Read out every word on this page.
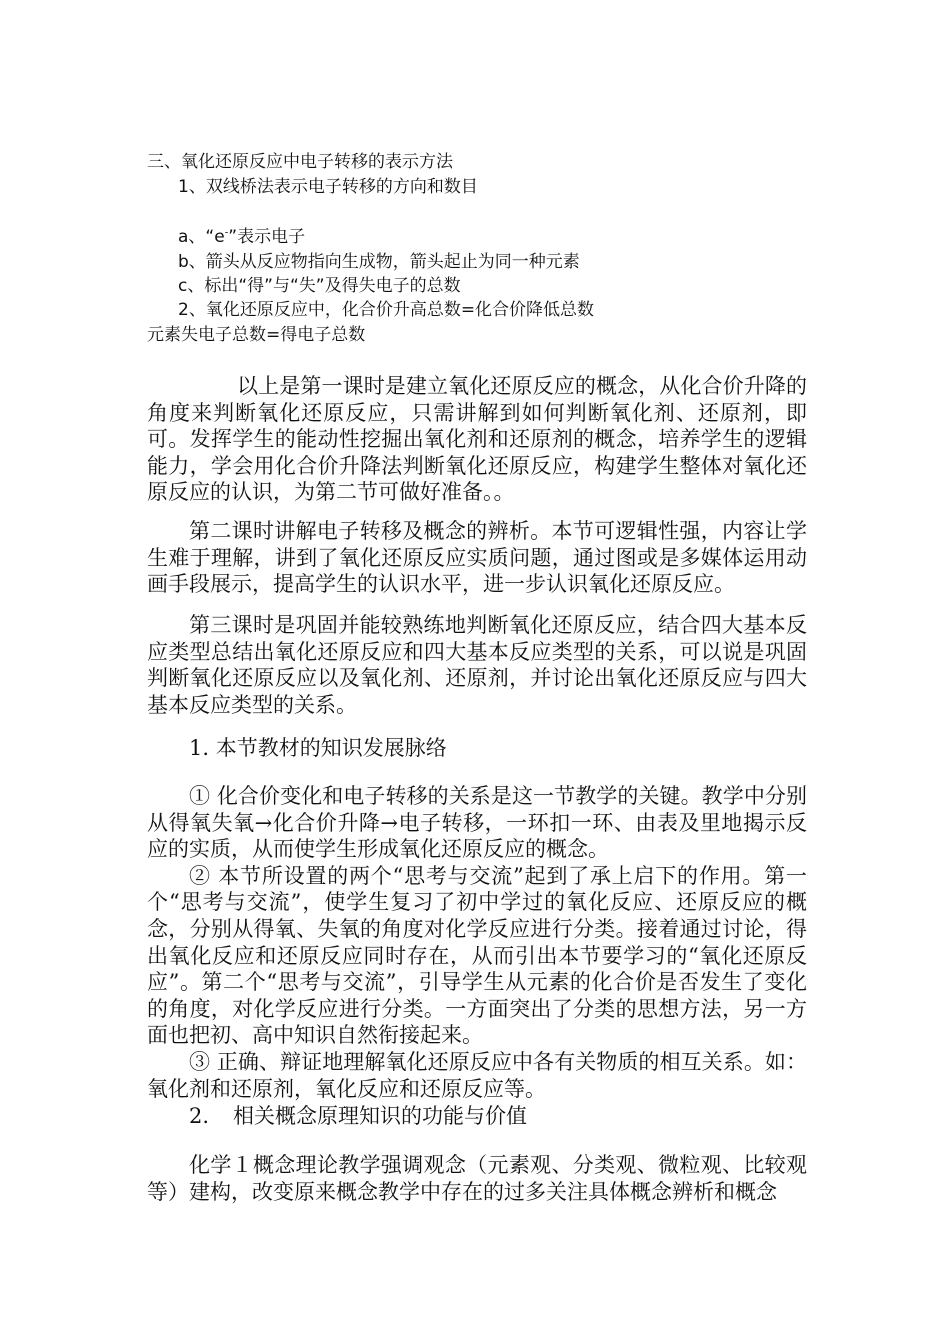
三、氧化还原反应中电子转移的表示方法
1、双线桥法表示电子转移的方向和数目
a、“e-”表示电子
b、箭头从反应物指向生成物，箭头起止为同一种元素
c、标出“得”与“失”及得失电子的总数
2、氧化还原反应中，化合价升高总数=化合价降低总数
元素失电子总数=得电子总数

以上是第一课时是建立氧化还原反应的概念，从化合价升降的角度来判断氧化还原反应，只需讲解到如何判断氧化剂、还原剂，即可。发挥学生的能动性挖掘出氧化剂和还原剂的概念，培养学生的逻辑能力，学会用化合价升降法判断氧化还原反应，构建学生整体对氧化还原反应的认识，为第二节可做好准备。。

第二课时讲解电子转移及概念的辨析。本节可逻辑性强，内容让学生难于理解，讲到了氧化还原反应实质问题，通过图或是多媒体运用动画手段展示，提高学生的认识水平，进一步认识氧化还原反应。

第三课时是巩固并能较熟练地判断氧化还原反应，结合四大基本反应类型总结出氧化还原反应和四大基本反应类型的关系，可以说是巩固判断氧化还原反应以及氧化剂、还原剂，并讨论出氧化还原反应与四大基本反应类型的关系。

1. 本节教材的知识发展脉络

① 化合价变化和电子转移的关系是这一节教学的关键。教学中分别从得氧失氧→化合价升降→电子转移，一环扣一环、由表及里地揭示反应的实质，从而使学生形成氧化还原反应的概念。

② 本节所设置的两个“思考与交流”起到了承上启下的作用。第一个“思考与交流”，使学生复习了初中学过的氧化反应、还原反应的概念，分别从得氧、失氧的角度对化学反应进行分类。接着通过讨论，得出氧化反应和还原反应同时存在，从而引出本节要学习的“氧化还原反应”。第二个“思考与交流”，引导学生从元素的化合价是否发生了变化的角度，对化学反应进行分类。一方面突出了分类的思想方法，另一方面也把初、高中知识自然衔接起来。

③ 正确、辩证地理解氧化还原反应中各有关物质的相互关系。如：氧化剂和还原剂，氧化反应和还原反应等。

2. 相关概念原理知识的功能与价值

化学１概念理论教学强调观念（元素观、分类观、微粒观、比较观等）建构，改变原来概念教学中存在的过多关注具体概念辨析和概念
